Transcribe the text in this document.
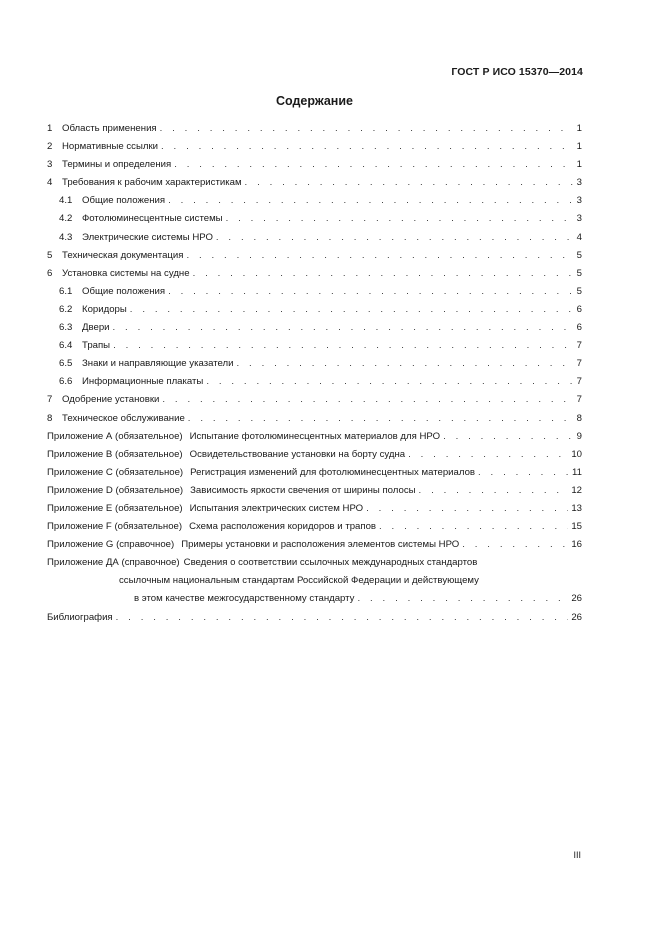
ГОСТ Р ИСО 15370—2014
Содержание
1	Область применения . . .	1
2	Нормативные ссылки . . .	1
3	Термины и определения . . .	1
4	Требования к рабочим характеристикам . . .	3
4.1	Общие положения . . .	3
4.2	Фотолюминесцентные системы . . .	3
4.3	Электрические системы НРО . . .	4
5	Техническая документация . . .	5
6	Установка системы на судне . . .	5
6.1	Общие положения . . .	5
6.2	Коридоры . . .	6
6.3	Двери . . .	6
6.4	Трапы . . .	7
6.5	Знаки и направляющие указатели . . .	7
6.6	Информационные плакаты . . .	7
7	Одобрение установки . . .	7
8	Техническое обслуживание . . .	8
Приложение А (обязательное) Испытание фотолюминесцентных материалов для НРО . . .	9
Приложение В (обязательное) Освидетельствование установки на борту судна . . .	10
Приложение С (обязательное) Регистрация изменений для фотолюминесцентных материалов . . .	11
Приложение D (обязательное) Зависимость яркости свечения от ширины полосы . . .	12
Приложение Е (обязательное) Испытания электрических систем НРО . . .	13
Приложение F (обязательное) Схема расположения коридоров и трапов . . .	15
Приложение G (справочное) Примеры установки и расположения элементов системы НРО . . .	16
Приложение ДА (справочное) Сведения о соответствии ссылочных международных стандартов
ссылочным национальным стандартам Российской Федерации и действующему
в этом качестве межгосударственному стандарту . . .	26
Библиография . . .	26
III
